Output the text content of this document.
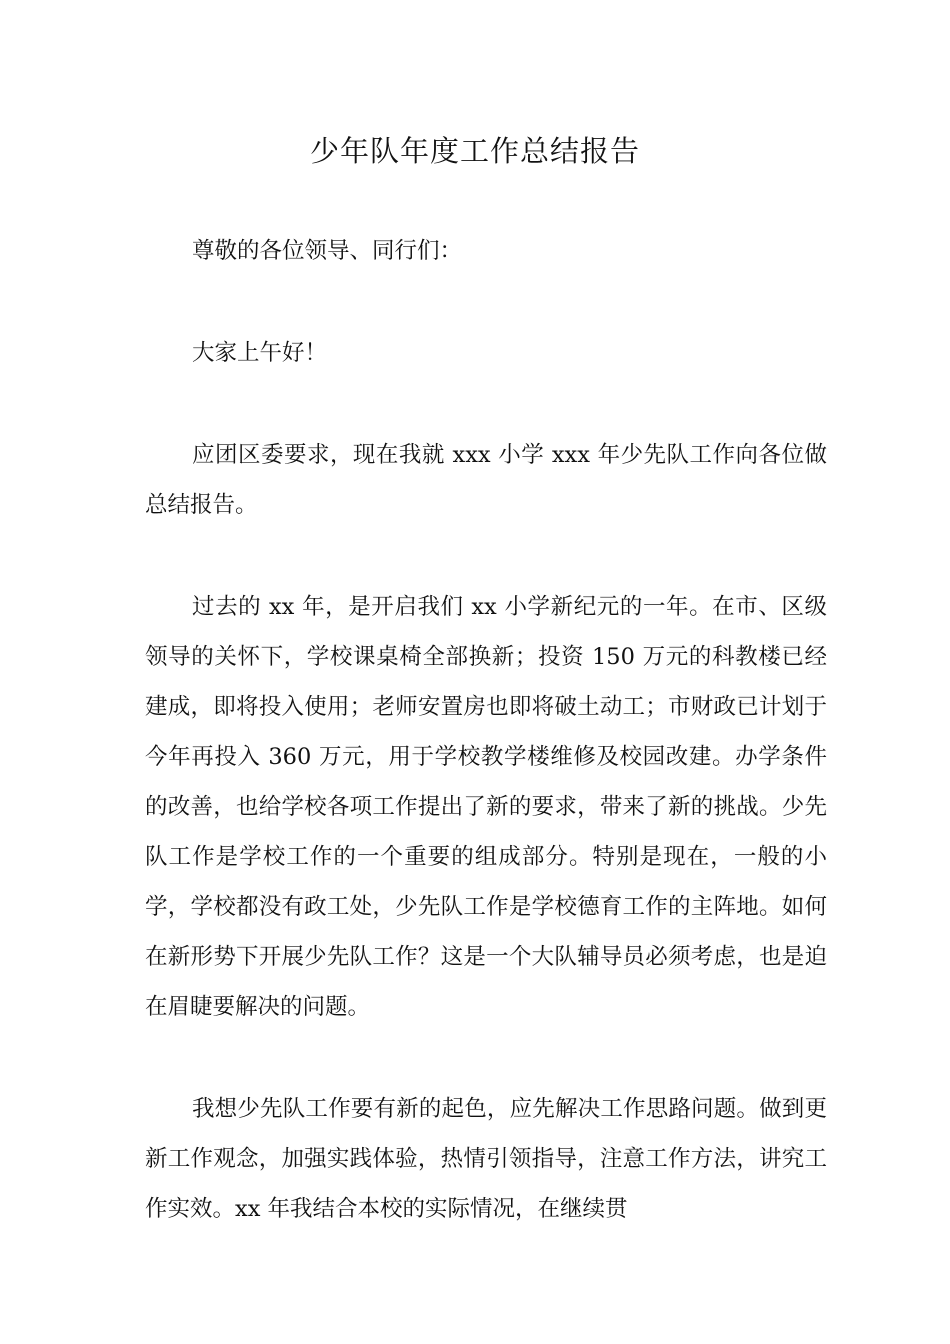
少年队年度工作总结报告

尊敬的各位领导、同行们：

大家上午好！

应团区委要求，现在我就 xxx 小学 xxx 年少先队工作向各位做总结报告。

过去的 xx 年，是开启我们 xx 小学新纪元的一年。在市、区级领导的关怀下，学校课桌椅全部换新；投资 150 万元的科教楼已经建成，即将投入使用；老师安置房也即将破土动工；市财政已计划于今年再投入 360 万元，用于学校教学楼维修及校园改建。办学条件的改善，也给学校各项工作提出了新的要求，带来了新的挑战。少先队工作是学校工作的一个重要的组成部分。特别是现在，一般的小学，学校都没有政工处，少先队工作是学校德育工作的主阵地。如何在新形势下开展少先队工作？这是一个大队辅导员必须考虑，也是迫在眉睫要解决的问题。

我想少先队工作要有新的起色，应先解决工作思路问题。做到更新工作观念，加强实践体验，热情引领指导，注意工作方法，讲究工作实效。xx 年我结合本校的实际情况，在继续贯
